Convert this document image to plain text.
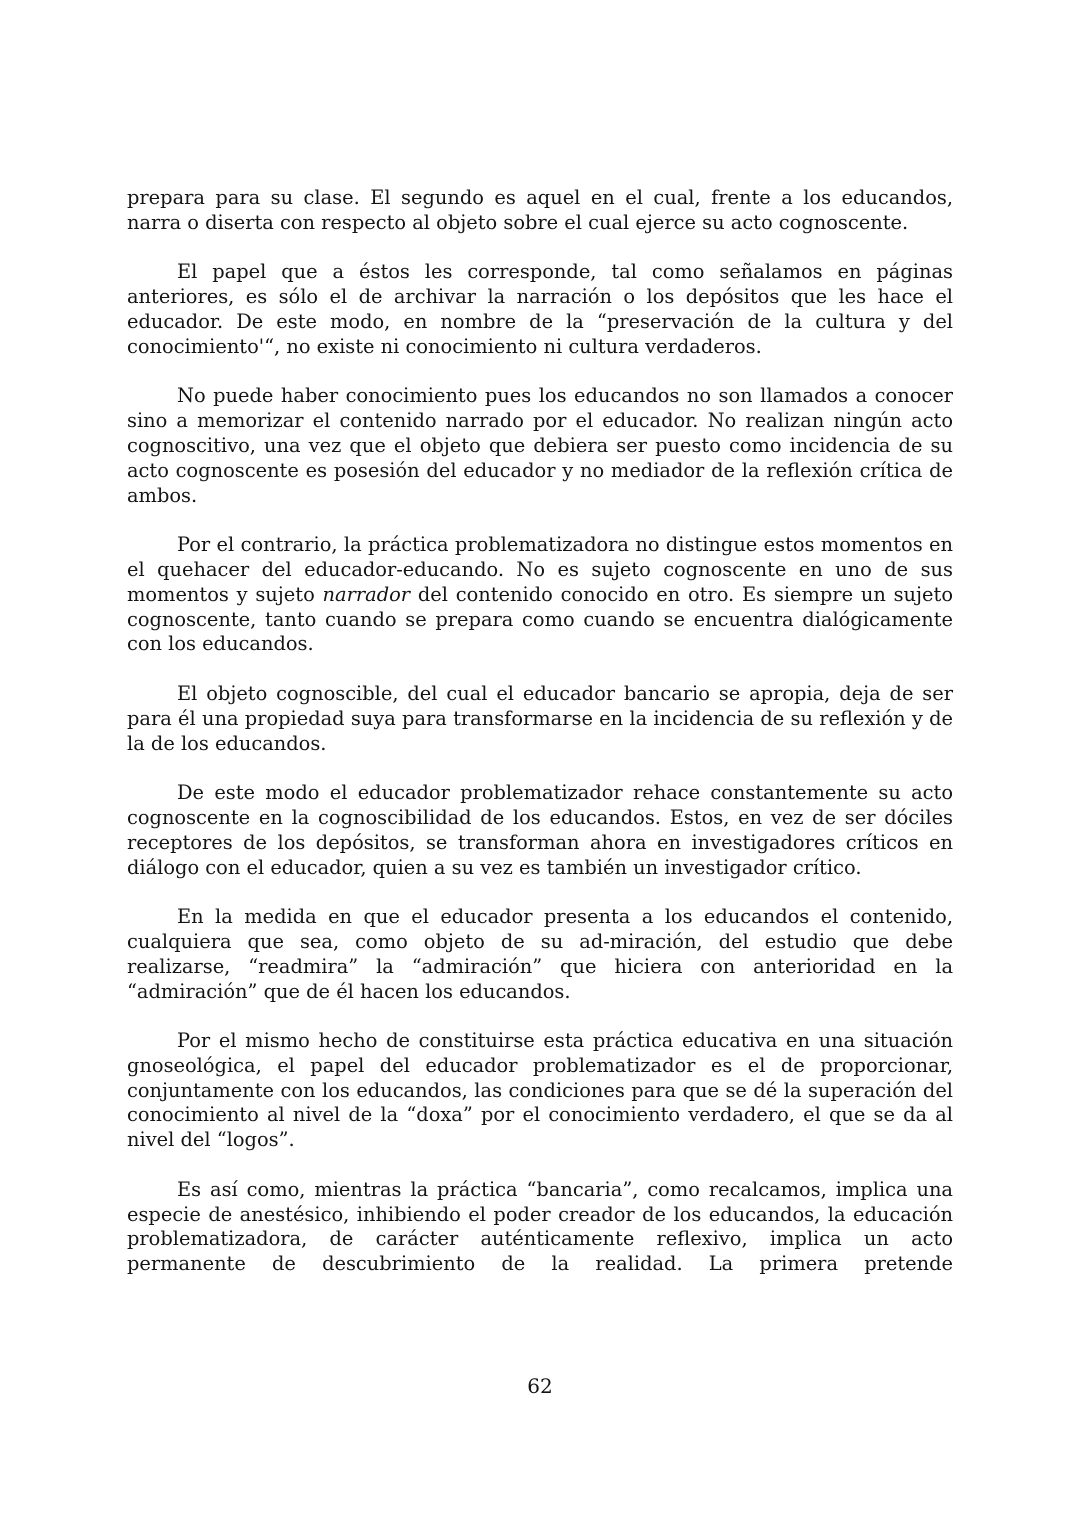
prepara para su clase. El segundo es aquel en el cual, frente a los educandos, narra o diserta con respecto al objeto sobre el cual ejerce su acto cognoscente.

El papel que a éstos les corresponde, tal como señalamos en páginas anteriores, es sólo el de archivar la narración o los depósitos que les hace el educador. De este modo, en nombre de la “preservación de la cultura y del conocimiento'“, no existe ni conocimiento ni cultura verdaderos.

No puede haber conocimiento pues los educandos no son llamados a conocer sino a memorizar el contenido narrado por el educador. No realizan ningún acto cognoscitivo, una vez que el objeto que debiera ser puesto como incidencia de su acto cognoscente es posesión del educador y no mediador de la reflexión crítica de ambos.

Por el contrario, la práctica problematizadora no distingue estos momentos en el quehacer del educador-educando. No es sujeto cognoscente en uno de sus momentos y sujeto narrador del contenido conocido en otro. Es siempre un sujeto cognoscente, tanto cuando se prepara como cuando se encuentra dialógicamente con los educandos.

El objeto cognoscible, del cual el educador bancario se apropia, deja de ser para él una propiedad suya para transformarse en la incidencia de su reflexión y de la de los educandos.

De este modo el educador problematizador rehace constantemente su acto cognoscente en la cognoscibilidad de los educandos. Estos, en vez de ser dóciles receptores de los depósitos, se transforman ahora en investigadores críticos en diálogo con el educador, quien a su vez es también un investigador crítico.

En la medida en que el educador presenta a los educandos el contenido, cualquiera que sea, como objeto de su ad-miración, del estudio que debe realizarse, “readmira” la “admiración” que hiciera con anterioridad en la “admiración” que de él hacen los educandos.

Por el mismo hecho de constituirse esta práctica educativa en una situación gnoseológica, el papel del educador problematizador es el de proporcionar, conjuntamente con los educandos, las condiciones para que se dé la superación del conocimiento al nivel de la “doxa” por el conocimiento verdadero, el que se da al nivel del “logos”.

Es así como, mientras la práctica “bancaria”, como recalcamos, implica una especie de anestésico, inhibiendo el poder creador de los educandos, la educación problematizadora, de carácter auténticamente reflexivo, implica un acto permanente de descubrimiento de la realidad. La primera pretende

62
